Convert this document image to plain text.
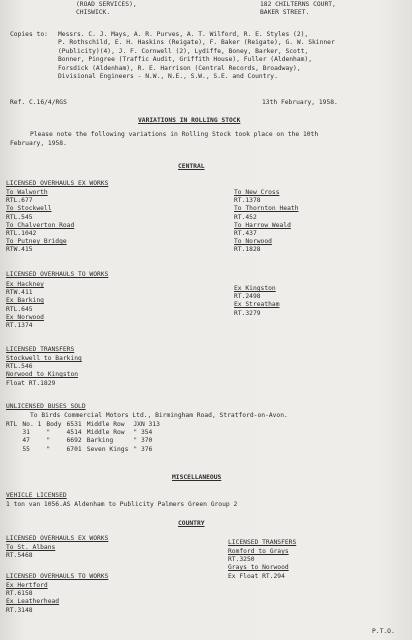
(ROAD SERVICES),
CHISWICK.
182 CHILTERNS COURT,
BAKER STREET.
Copies to: Messrs. C. J. Mays, A. R. Purves, A. T. Wilford, R. E. Styles (2),
P. Rothschild, E. H. Haskins (Reigate), F. Baker (Reigate), G. W. Skinner
(Publicity)(4), J. F. Cornwell (2), Lydiffe, Boney, Barker, Scott,
Bonner, Pingree (Traffic Audit, Griffith House), Fuller (Aldenham),
Forsdick (Aldenham), R. E. Harrison (Central Records, Broadway),
Divisional Engineers - N.W., N.E., S.W., S.E. and Country.
Ref. C.16/4/RGS	13th February, 1958.
VARIATIONS IN ROLLING STOCK
Please note the following variations in Rolling Stock took place on the 10th
February, 1958.
CENTRAL
LICENSED OVERHAULS EX WORKS
To Walworth
RTL.677
To Stockwell
RTL.545
To Chalverton Road
RTL.1042
To Putney Bridge
RTW.415
To New Cross
RT.1378
To Thornton Heath
RT.452
To Harrow Weald
RT.437
To Norwood
RT.1828
LICENSED OVERHAULS TO WORKS
Ex Hackney
RTW.411
Ex Barking
RTL.645
Ex Norwood
RT.1374
Ex Kingston
RT.2498
Ex Streatham
RT.3279
LICENSED TRANSFERS
Stockwell to Barking
RTL.546
Norwood to Kingston
Float RT.1829
UNLICENSED BUSES SOLD
To Birds Commercial Motors Ltd., Birmingham Road, Stratford-on-Avon.
RTL	No. 1	Body	6531	Middle Row	JXN 313
	31	"	4514	Middle Row	" 354
	47	"	6692	Barking	" 370
	55	"	6701	Seven Kings	" 376
MISCELLANEOUS
VEHICLE LICENSED
1 ton van 1056.AS Aldenham to Publicity Palmers Green Group 2
COUNTRY
LICENSED OVERHAULS EX WORKS
To St. Albans
RT.5468
LICENSED TRANSFERS
Romford to Grays
RT.3250
Grays to Norwood
Ex Float RT.294
LICENSED OVERHAULS TO WORKS
Ex Hertford
RT.6158
Ex Leatherhead
RT.3148
P.T.O.
